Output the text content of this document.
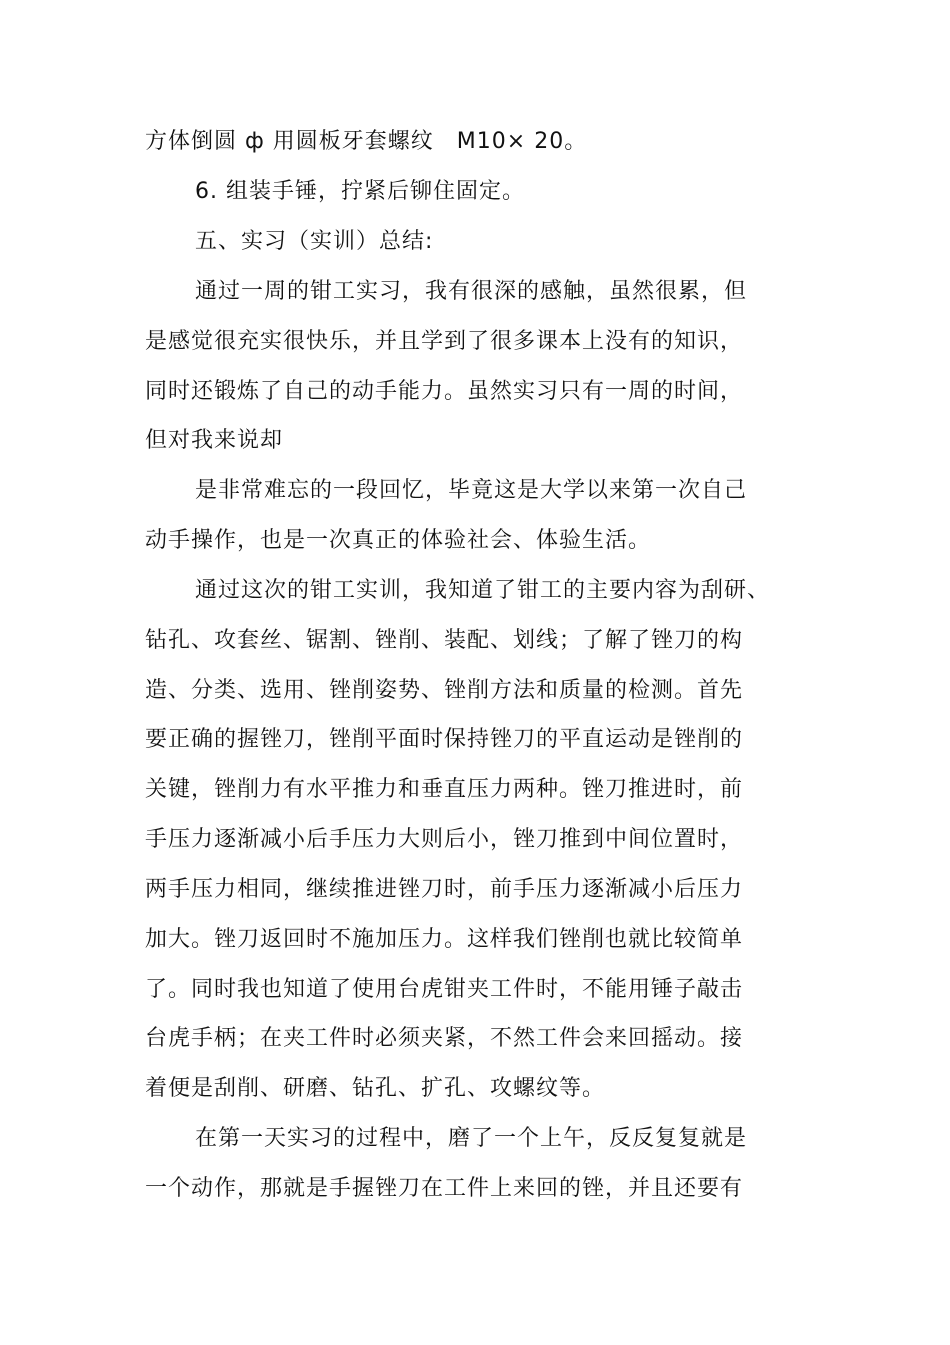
方体倒圆 ф 用圆板牙套螺纹　M10× 20。
6. 组装手锤，拧紧后铆住固定。
五、实习（实训）总结:
通过一周的钳工实习，我有很深的感触，虽然很累，但
是感觉很充实很快乐，并且学到了很多课本上没有的知识，
同时还锻炼了自己的动手能力。虽然实习只有一周的时间，
但对我来说却
是非常难忘的一段回忆，毕竟这是大学以来第一次自己
动手操作，也是一次真正的体验社会、体验生活。
通过这次的钳工实训，我知道了钳工的主要内容为刮研、
钻孔、攻套丝、锯割、锉削、装配、划线；了解了锉刀的构
造、分类、选用、锉削姿势、锉削方法和质量的检测。首先
要正确的握锉刀，锉削平面时保持锉刀的平直运动是锉削的
关键，锉削力有水平推力和垂直压力两种。锉刀推进时，前
手压力逐渐减小后手压力大则后小，锉刀推到中间位置时，
两手压力相同，继续推进锉刀时，前手压力逐渐减小后压力
加大。锉刀返回时不施加压力。这样我们锉削也就比较简单
了。同时我也知道了使用台虎钳夹工件时，不能用锤子敲击
台虎手柄；在夹工件时必须夹紧，不然工件会来回摇动。接
着便是刮削、研磨、钻孔、扩孔、攻螺纹等。
在第一天实习的过程中，磨了一个上午，反反复复就是
一个动作，那就是手握锉刀在工件上来回的锉，并且还要有
